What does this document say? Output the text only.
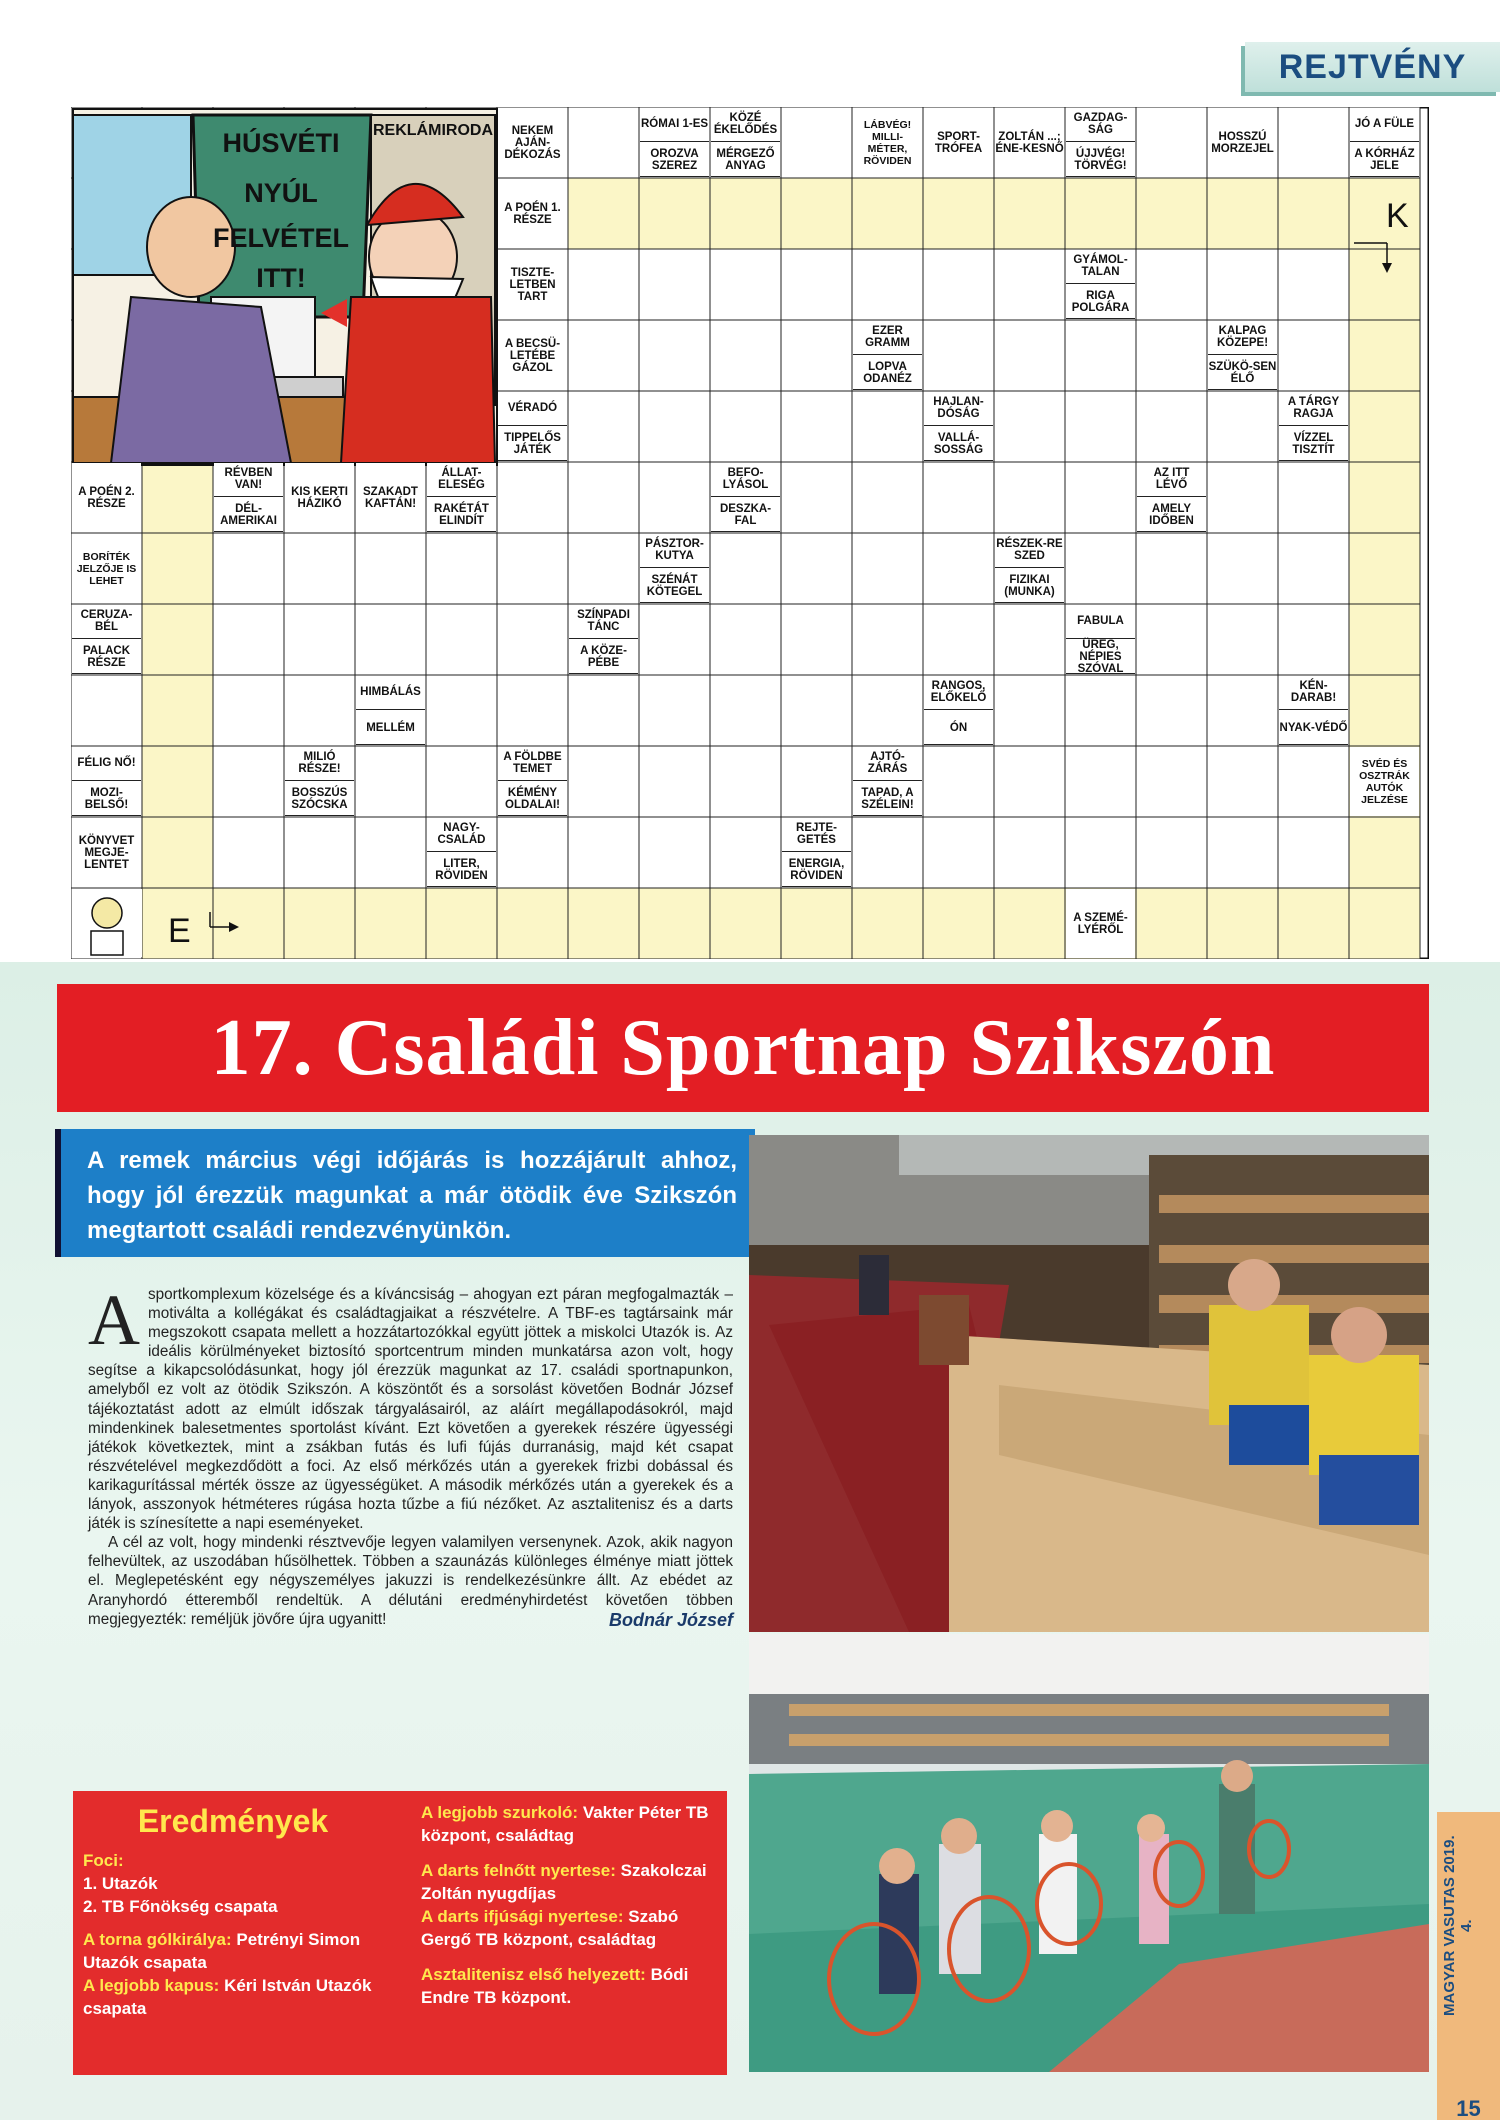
REJTVÉNY
HÚSVÉTI
NYÚL
FELVÉTEL
ITT!
REKLÁMIRODA
K
E
NEKEM AJÁN-DÉKOZÁS
RÓMAI 1-ES
OROZVA SZEREZ
KÖZÉ ÉKELŐDÉS
MÉRGEZŐ ANYAG
LÁBVÉG! MILLI-MÉTER, RÖVIDEN
SPORT-TRÓFEA
ZOLTÁN ...; ÉNE-KESNŐ
GAZDAG-SÁG
ÚJJVÉG! TÖRVÉG!
HOSSZÚ MORZEJEL
JÓ A FÜLE
A KÓRHÁZ JELE
A POÉN 1. RÉSZE
TISZTE-LETBEN TART
GYÁMOL-TALAN
RIGA POLGÁRA
A BECSÜ-LETÉBE GÁZOL
EZER GRAMM
LOPVA ODANÉZ
KALPAG KÖZEPE!
SZÜKÖ-SEN ÉLŐ
VÉRADÓ
TIPPELŐS JÁTÉK
HAJLAN-DÓSÁG
VALLÁ-SOSSÁG
A TÁRGY RAGJA
VÍZZEL TISZTÍT
A POÉN 2. RÉSZE
RÉVBEN VAN!
DÉL-AMERIKAI
KIS KERTI HÁZIKÓ
SZAKADT KAFTÁN!
ÁLLAT-ELESÉG
RAKÉTÁT ELINDÍT
BEFO-LYÁSOL
DESZKA-FAL
AZ ITT LÉVŐ
AMELY IDŐBEN
BORÍTÉK JELZŐJE IS LEHET
PÁSZTOR-KUTYA
SZÉNÁT KÖTEGEL
RÉSZEK-RE SZED
FIZIKAI (MUNKA)
CERUZA-BÉL
PALACK RÉSZE
SZÍNPADI TÁNC
A KÖZE-PÉBE
FABULA
ÜREG, NÉPIES SZÓVAL
HIMBÁLÁS
MELLÉM
RANGOS, ELŐKELŐ
ÓN
KÉN-DARAB!
NYAK-VÉDŐ
FÉLIG NŐ!
MOZI-BELSŐ!
MILIÓ RÉSZE!
BOSSZÚS SZÓCSKA
A FÖLDBE TEMET
KÉMÉNY OLDALAI!
AJTÓ-ZÁRÁS
TAPAD, A SZÉLEIN!
SVÉD ÉS OSZTRÁK AUTÓK JELZÉSE
KÖNYVET MEGJE-LENTET
NAGY-CSALÁD
LITER, RÖVIDEN
REJTE-GETÉS
ENERGIA, RÖVIDEN
A SZEMÉ-LYÉRŐL
17. Családi Sportnap Szikszón
A remek március végi időjárás is hozzájárult ahhoz, hogy jól érezzük magunkat a már ötödik éve Szikszón megtartott családi rendezvényünkön.

Asportkomplexum közelsége és a kíváncsiság – ahogyan ezt páran megfogalmazták – motiválta a kollégákat és családtagjaikat a részvételre. A TBF-es tagtársaink már megszokott csapata mellett a hozzátartozókkal együtt jöttek a miskolci Utazók is. Az ideális körülményeket biztosító sportcentrum minden munkatársa azon volt, hogy segítse a kikapcsolódásunkat, hogy jól érezzük magunkat az 17. családi sportnapunkon, amelyből ez volt az ötödik Szikszón. A köszöntőt és a sorsolást követően Bodnár József tájékoztatást adott az elmúlt időszak tárgyalásairól, az aláírt megállapodásokról, majd mindenkinek balesetmentes sportolást kívánt. Ezt követően a gyerekek részére ügyességi játékok következtek, mint a zsákban futás és lufi fújás durranásig, majd két csapat részvételével megkezdődött a foci. Az első mérkőzés után a gyerekek frizbi dobással és karikagurítással mérték össze az ügyességüket. A második mérkőzés után a gyerekek és a lányok, asszonyok hétméteres rúgása hozta tűzbe a fiú nézőket. Az asztalitenisz és a darts játék is színesítette a napi eseményeket.

A cél az volt, hogy mindenki résztvevője legyen valamilyen versenynek. Azok, akik nagyon felhevültek, az uszodában hűsölhettek. Többen a szaunázás különleges élménye miatt jöttek el. Meglepetésként egy négyszemélyes jakuzzi is rendelkezésünkre állt. Az ebédet az Aranyhordó étteremből rendeltük. A délutáni eredményhirdetést követően többen megjegyezték: reméljük jövőre újra ugyanitt!	Bodnár József

Eredmények
Foci:
1. Utazók
2. TB Főnökség csapata
A torna gólkirálya: Petrényi Simon Utazók csapata
A legjobb kapus: Kéri István Utazók csapata
A legjobb szurkoló: Vakter Péter TB központ, családtag
A darts felnőtt nyertese: Szakolczai Zoltán nyugdíjas
A darts ifjúsági nyertese: Szabó Gergő TB központ, családtag
Asztalitenisz első helyezett: Bódi Endre TB központ.
15
MAGYAR VASUTAS 2019. 4.
